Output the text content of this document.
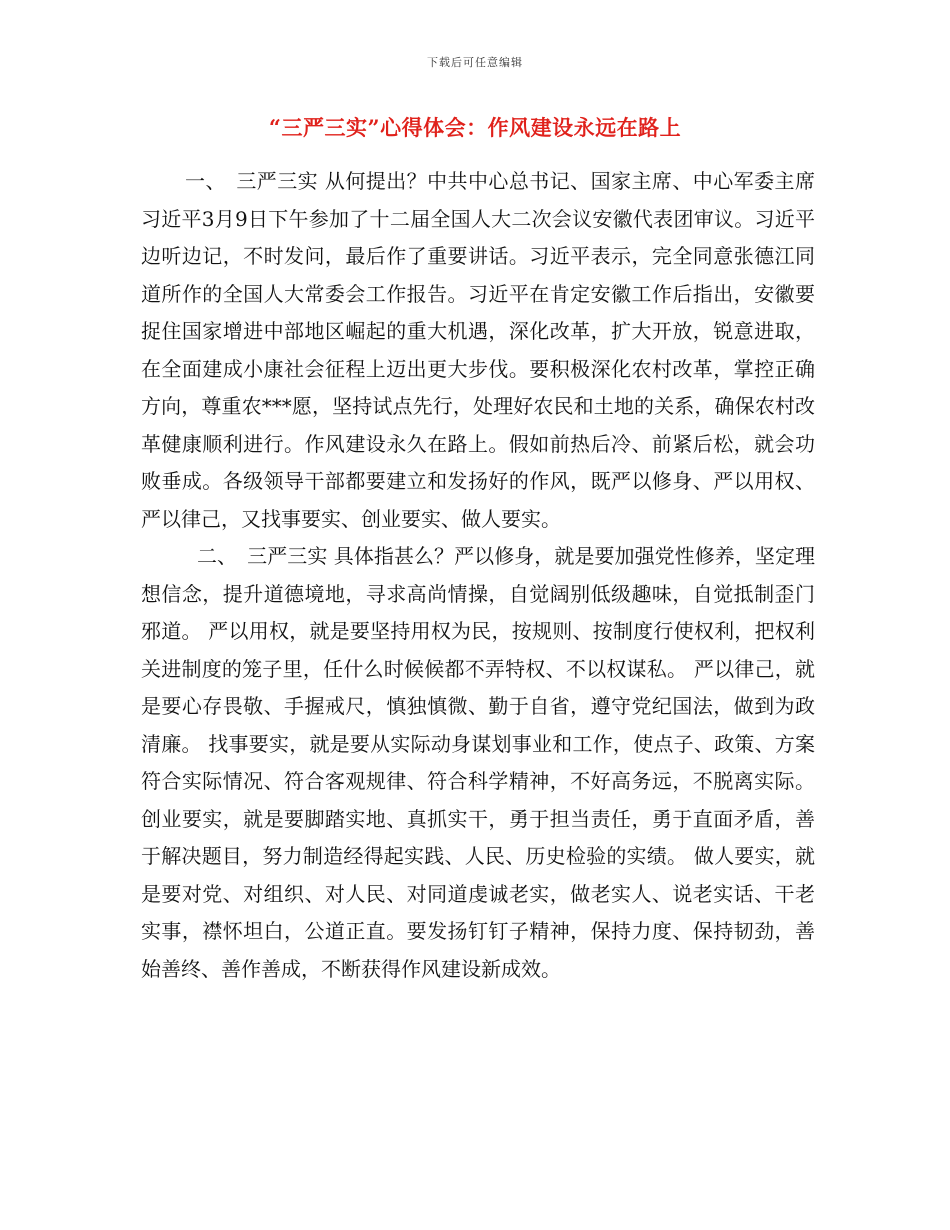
下载后可任意编辑
“三严三实”心得体会：作风建设永远在路上

一、　三严三实 从何提出？中共中心总书记、国家主席、中心军委主席习近平3月9日下午参加了十二届全国人大二次会议安徽代表团审议。习近平边听边记，不时发问，最后作了重要讲话。习近平表示，完全同意张德江同道所作的全国人大常委会工作报告。习近平在肯定安徽工作后指出，安徽要捉住国家增进中部地区崛起的重大机遇，深化改革，扩大开放，锐意进取，在全面建成小康社会征程上迈出更大步伐。要积极深化农村改革，掌控正确方向，尊重农***愿，坚持试点先行，处理好农民和土地的关系，确保农村改革健康顺利进行。作风建设永久在路上。假如前热后冷、前紧后松，就会功败垂成。各级领导干部都要建立和发扬好的作风，既严以修身、严以用权、严以律己，又找事要实、创业要实、做人要实。

二、　三严三实 具体指甚么？严以修身，就是要加强党性修养，坚定理想信念，提升道德境地，寻求高尚情操，自觉阔别低级趣味，自觉抵制歪门邪道。 严以用权，就是要坚持用权为民，按规则、按制度行使权利，把权利关进制度的笼子里，任什么时候候都不弄特权、不以权谋私。 严以律己，就是要心存畏敬、手握戒尺，慎独慎微、勤于自省，遵守党纪国法，做到为政清廉。 找事要实，就是要从实际动身谋划事业和工作，使点子、政策、方案符合实际情况、符合客观规律、符合科学精神，不好高务远，不脱离实际。 创业要实，就是要脚踏实地、真抓实干，勇于担当责任，勇于直面矛盾，善于解决题目，努力制造经得起实践、人民、历史检验的实绩。 做人要实，就是要对党、对组织、对人民、对同道虔诚老实，做老实人、说老实话、干老实事，襟怀坦白，公道正直。要发扬钉钉子精神，保持力度、保持韧劲，善始善终、善作善成，不断获得作风建设新成效。
